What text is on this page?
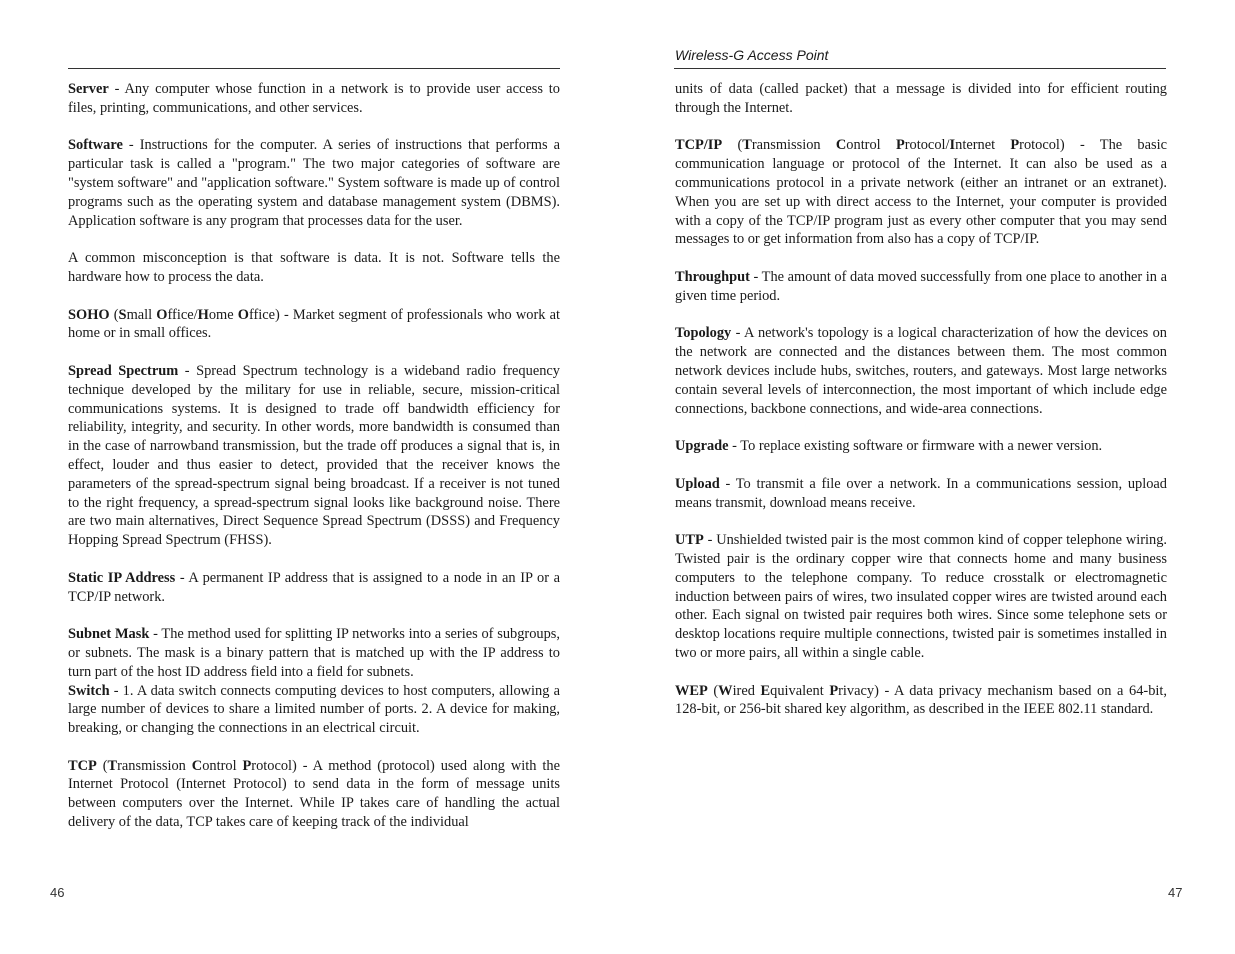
Wireless-G Access Point

Server - Any computer whose function in a network is to provide user access to files, printing, communications, and other services.

Software - Instructions for the computer. A series of instructions that performs a particular task is called a "program." The two major categories of software are "system software" and "application software." System software is made up of control programs such as the operating system and database management system (DBMS). Application software is any program that processes data for the user.

A common misconception is that software is data. It is not. Software tells the hardware how to process the data.

SOHO (Small Office/Home Office) - Market segment of professionals who work at home or in small offices.

Spread Spectrum - Spread Spectrum technology is a wideband radio frequency technique developed by the military for use in reliable, secure, mission-critical communications systems. It is designed to trade off bandwidth efficiency for reliability, integrity, and security. In other words, more bandwidth is consumed than in the case of narrowband transmission, but the trade off produces a signal that is, in effect, louder and thus easier to detect, provided that the receiver knows the parameters of the spread-spectrum signal being broadcast. If a receiver is not tuned to the right frequency, a spread-spectrum signal looks like background noise. There are two main alternatives, Direct Sequence Spread Spectrum (DSSS) and Frequency Hopping Spread Spectrum (FHSS).

Static IP Address - A permanent IP address that is assigned to a node in an IP or a TCP/IP network.

Subnet Mask - The method used for splitting IP networks into a series of subgroups, or subnets. The mask is a binary pattern that is matched up with the IP address to turn part of the host ID address field into a field for subnets.

Switch - 1. A data switch connects computing devices to host computers, allowing a large number of devices to share a limited number of ports. 2. A device for making, breaking, or changing the connections in an electrical circuit.

TCP (Transmission Control Protocol) - A method (protocol) used along with the Internet Protocol (Internet Protocol) to send data in the form of message units between computers over the Internet. While IP takes care of handling the actual delivery of the data, TCP takes care of keeping track of the individual

units of data (called packet) that a message is divided into for efficient routing through the Internet.

TCP/IP (Transmission Control Protocol/Internet Protocol) - The basic communication language or protocol of the Internet. It can also be used as a communications protocol in a private network (either an intranet or an extranet). When you are set up with direct access to the Internet, your computer is provided with a copy of the TCP/IP program just as every other computer that you may send messages to or get information from also has a copy of TCP/IP.

Throughput - The amount of data moved successfully from one place to another in a given time period.

Topology - A network's topology is a logical characterization of how the devices on the network are connected and the distances between them. The most common network devices include hubs, switches, routers, and gateways. Most large networks contain several levels of interconnection, the most important of which include edge connections, backbone connections, and wide-area connections.

Upgrade - To replace existing software or firmware with a newer version.

Upload - To transmit a file over a network. In a communications session, upload means transmit, download means receive.

UTP - Unshielded twisted pair is the most common kind of copper telephone wiring. Twisted pair is the ordinary copper wire that connects home and many business computers to the telephone company. To reduce crosstalk or electromagnetic induction between pairs of wires, two insulated copper wires are twisted around each other. Each signal on twisted pair requires both wires. Since some telephone sets or desktop locations require multiple connections, twisted pair is sometimes installed in two or more pairs, all within a single cable.

WEP (Wired Equivalent Privacy) - A data privacy mechanism based on a 64-bit, 128-bit, or 256-bit shared key algorithm, as described in the IEEE 802.11 standard.

46	47
